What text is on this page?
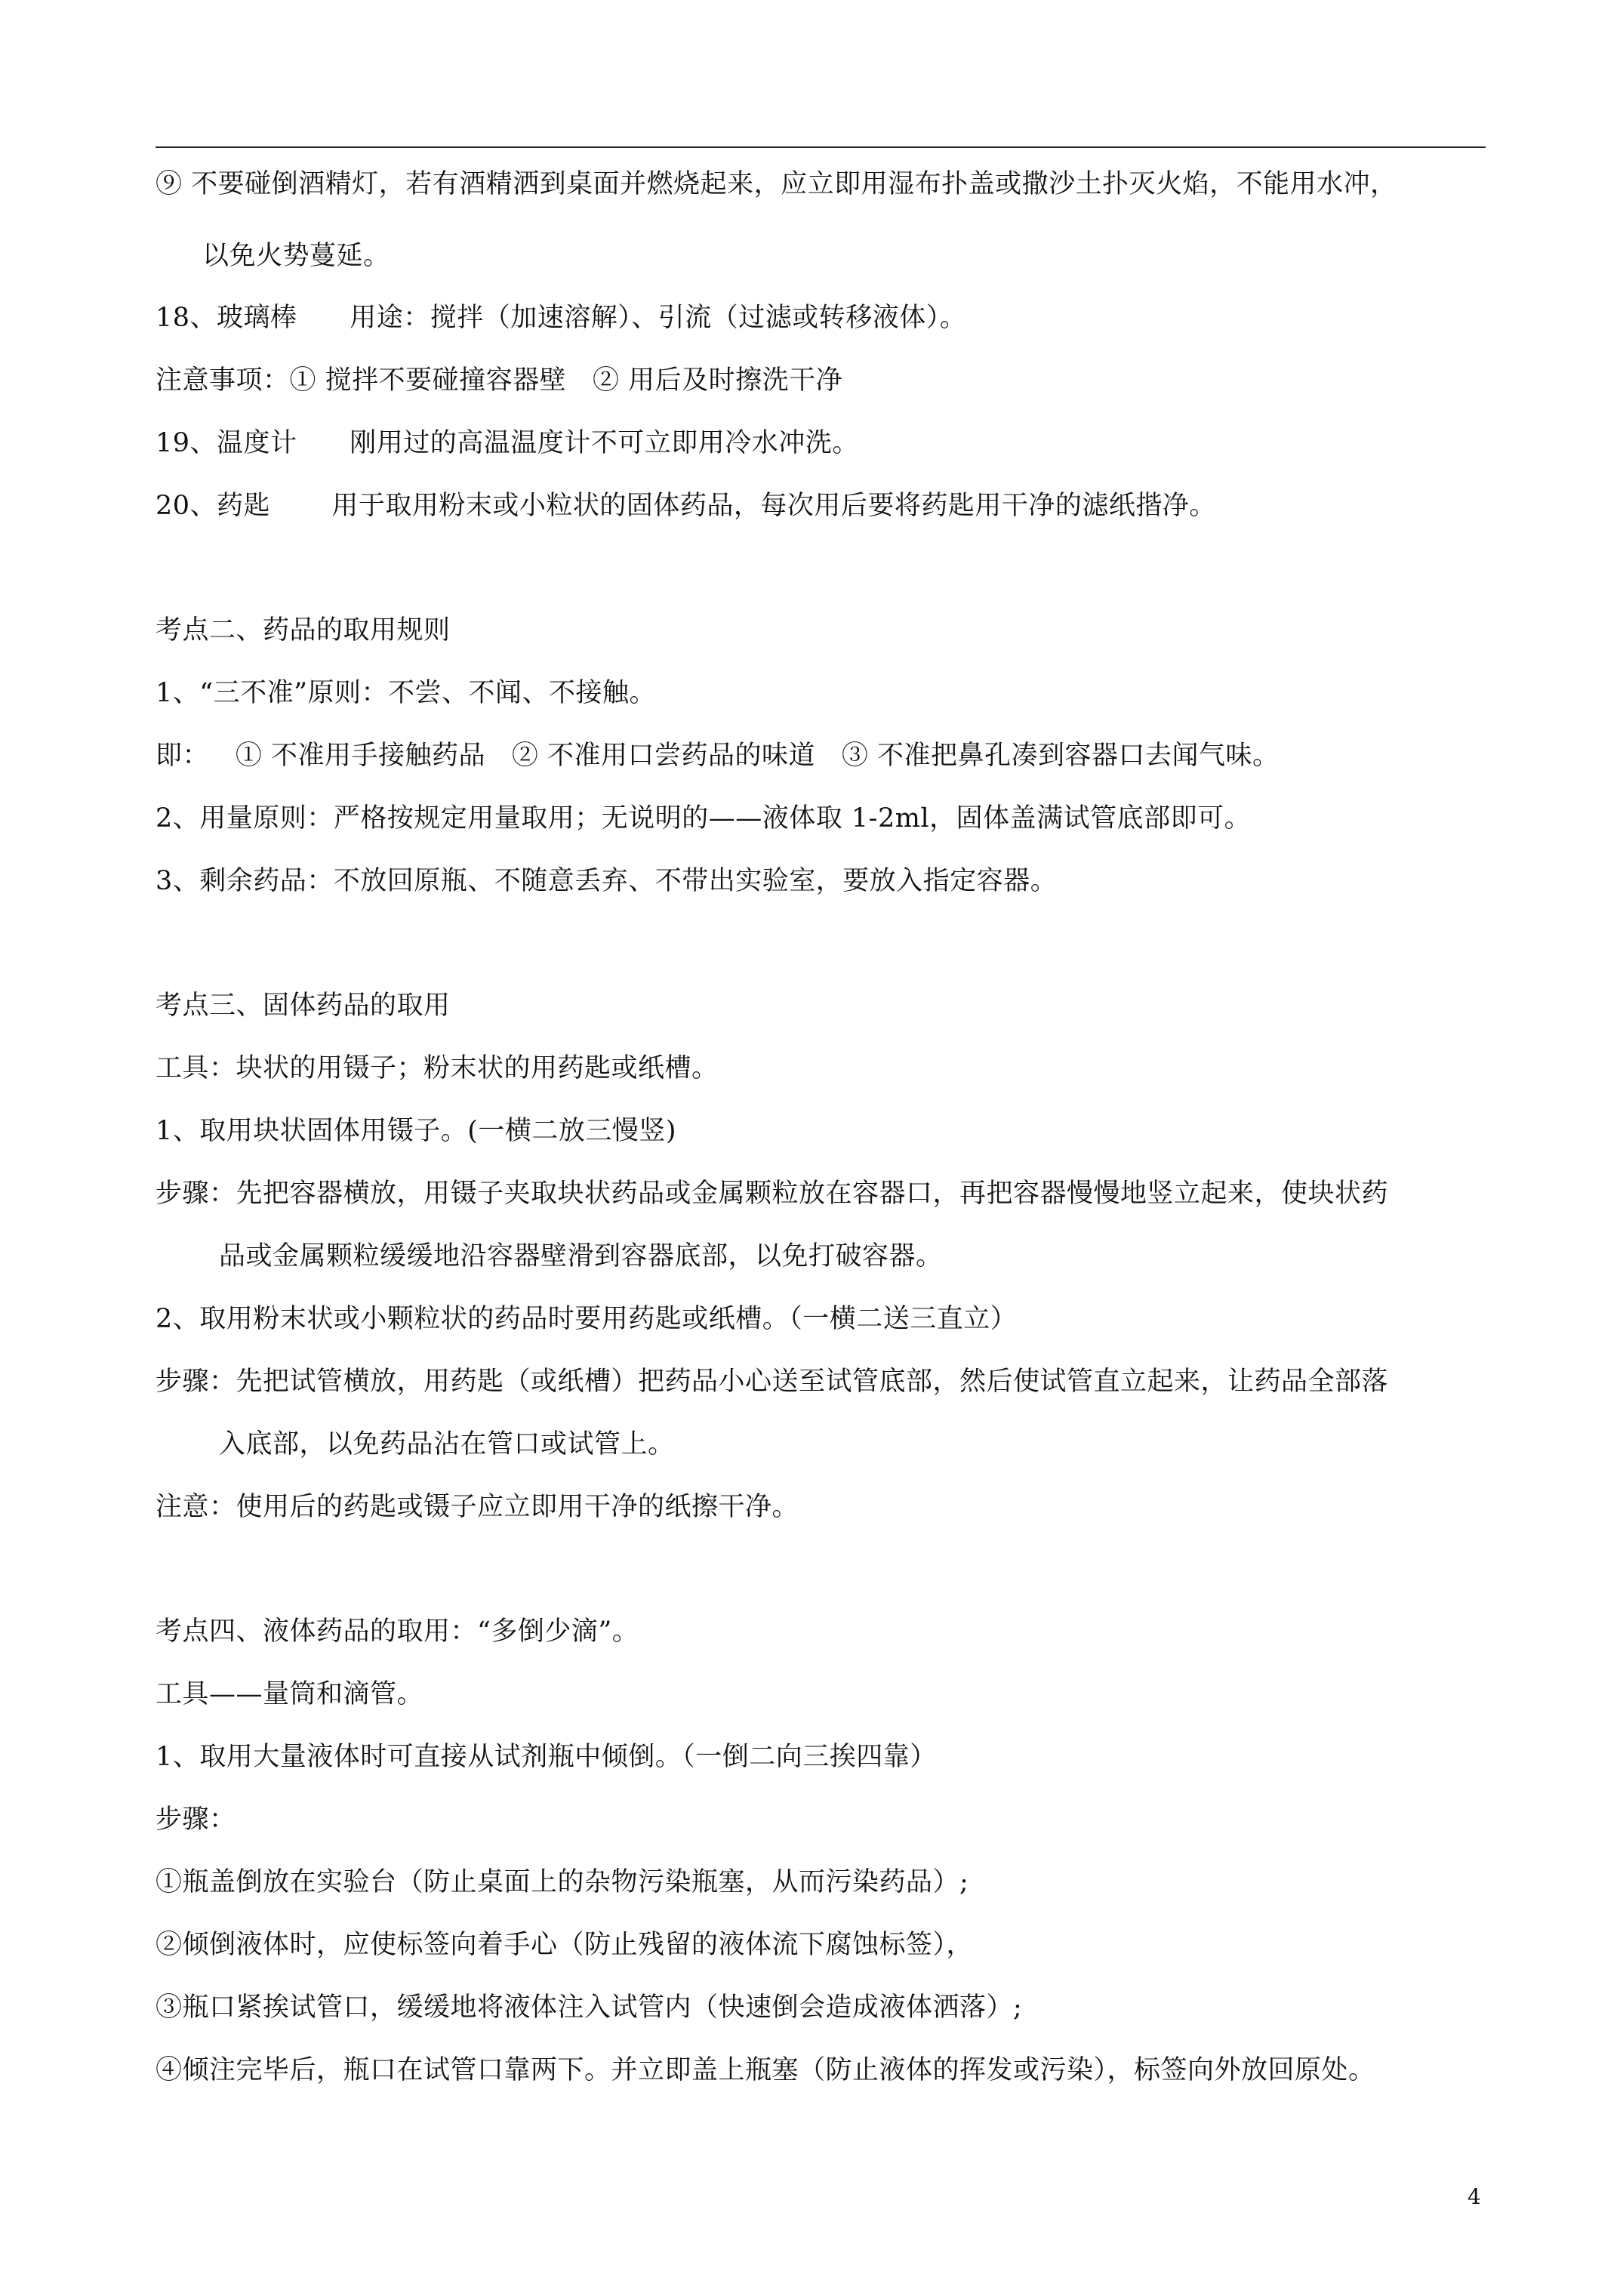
⑨ 不要碰倒酒精灯，若有酒精洒到桌面并燃烧起来，应立即用湿布扑盖或撒沙土扑灭火焰，不能用水冲，
以免火势蔓延。
18、玻璃棒      用途：搅拌（加速溶解）、引流（过滤或转移液体）。
注意事项：① 搅拌不要碰撞容器壁   ② 用后及时擦洗干净
19、温度计      刚用过的高温温度计不可立即用冷水冲洗。
20、药匙       用于取用粉末或小粒状的固体药品，每次用后要将药匙用干净的滤纸揩净。
考点二、药品的取用规则
1、“三不准”原则：不尝、不闻、不接触。
即：   ① 不准用手接触药品   ② 不准用口尝药品的味道   ③ 不准把鼻孔凑到容器口去闻气味。
2、用量原则：严格按规定用量取用；无说明的——液体取 1-2ml，固体盖满试管底部即可。
3、剩余药品：不放回原瓶、不随意丢弃、不带出实验室，要放入指定容器。
考点三、固体药品的取用
工具：块状的用镊子；粉末状的用药匙或纸槽。
1、取用块状固体用镊子。(一横二放三慢竖)
步骤：先把容器横放，用镊子夹取块状药品或金属颗粒放在容器口，再把容器慢慢地竖立起来，使块状药
品或金属颗粒缓缓地沿容器壁滑到容器底部，以免打破容器。
2、取用粉末状或小颗粒状的药品时要用药匙或纸槽。（一横二送三直立）
步骤：先把试管横放，用药匙（或纸槽）把药品小心送至试管底部，然后使试管直立起来，让药品全部落
入底部，以免药品沾在管口或试管上。
注意：使用后的药匙或镊子应立即用干净的纸擦干净。
考点四、液体药品的取用：“多倒少滴”。
工具——量筒和滴管。
1、取用大量液体时可直接从试剂瓶中倾倒。（一倒二向三挨四靠）
步骤：
①瓶盖倒放在实验台（防止桌面上的杂物污染瓶塞，从而污染药品）;
②倾倒液体时，应使标签向着手心（防止残留的液体流下腐蚀标签），
③瓶口紧挨试管口，缓缓地将液体注入试管内（快速倒会造成液体洒落）;
④倾注完毕后，瓶口在试管口靠两下。并立即盖上瓶塞（防止液体的挥发或污染），标签向外放回原处。
4
